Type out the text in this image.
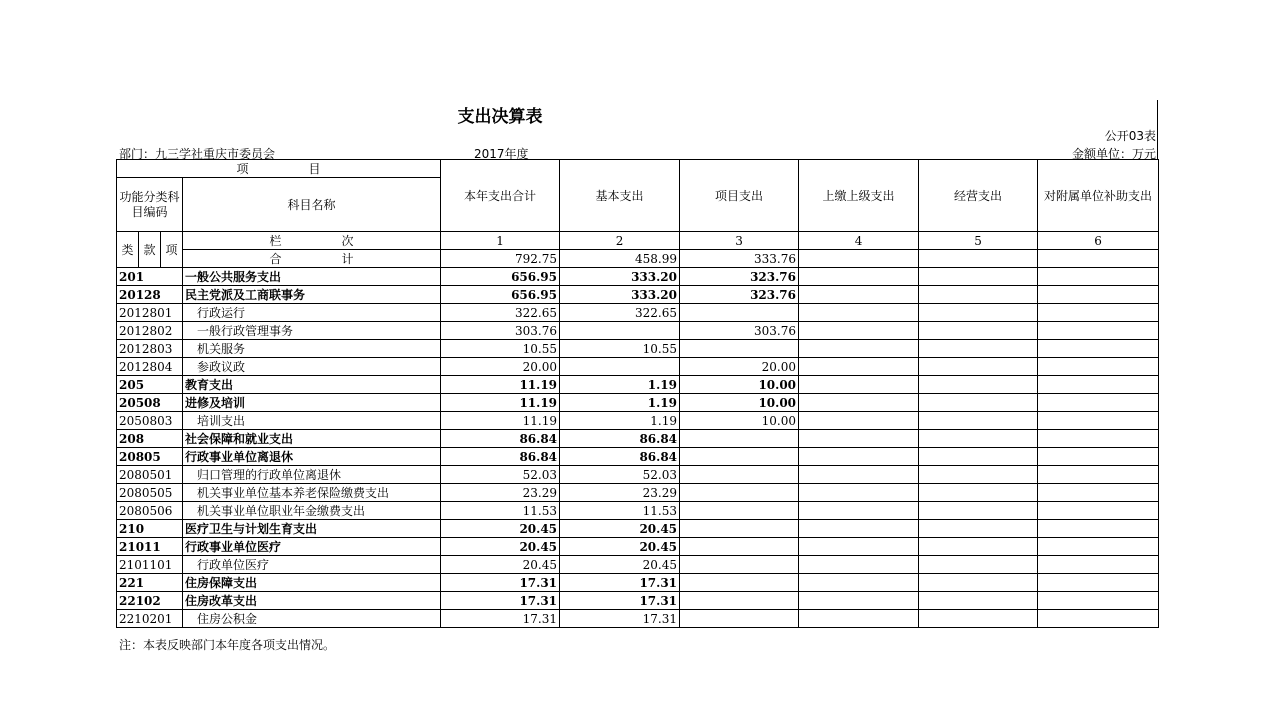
支出决算表
公开03表
部门：九三学社重庆市委员会	2017年度	金额单位：万元
项　　　　　目				本年支出合计	基本支出	项目支出	上缴上级支出	经营支出	对附属单位补助支出
功能分类科目编码			科目名称						

类	款	项	栏　　　　　次	1	2	3	4	5	6
			合　　　　　计	792.75	458.99	333.76			
201			一般公共服务支出	656.95	333.20	323.76			
20128			民主党派及工商联事务	656.95	333.20	323.76			
2012801			行政运行	322.65	322.65				
2012802			一般行政管理事务	303.76		303.76			
2012803			机关服务	10.55	10.55				
2012804			参政议政	20.00		20.00			
205			教育支出	11.19	1.19	10.00			
20508			进修及培训	11.19	1.19	10.00			
2050803			培训支出	11.19	1.19	10.00			
208			社会保障和就业支出	86.84	86.84				
20805			行政事业单位离退休	86.84	86.84				
2080501			归口管理的行政单位离退休	52.03	52.03				
2080505			机关事业单位基本养老保险缴费支出	23.29	23.29				
2080506			机关事业单位职业年金缴费支出	11.53	11.53				
210			医疗卫生与计划生育支出	20.45	20.45				
21011			行政事业单位医疗	20.45	20.45				
2101101			行政单位医疗	20.45	20.45				
221			住房保障支出	17.31	17.31				
22102			住房改革支出	17.31	17.31				
2210201			住房公积金	17.31	17.31				
注：本表反映部门本年度各项支出情况。
